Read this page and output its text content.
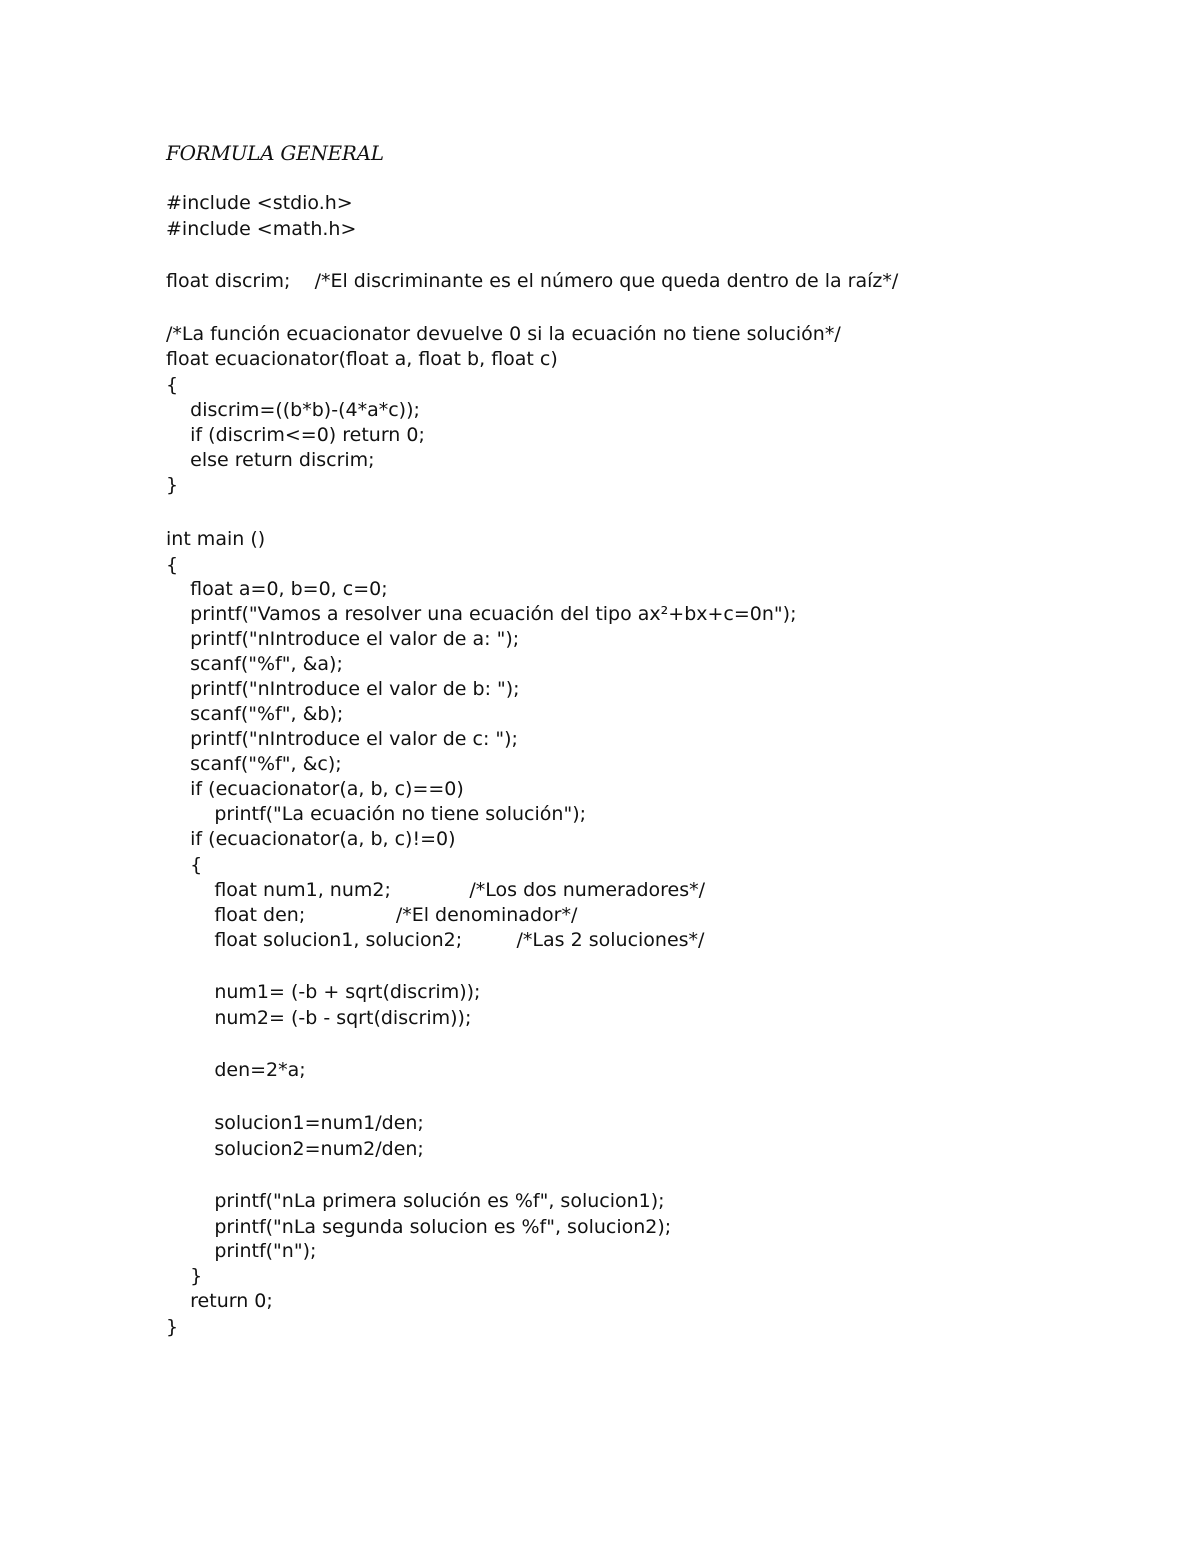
FORMULA GENERAL
#include <stdio.h>
#include <math.h>
float discrim;    /*El discriminante es el número que queda dentro de la raíz*/
/*La función ecuacionator devuelve 0 si la ecuación no tiene solución*/
float ecuacionator(float a, float b, float c)
{
discrim=((b*b)-(4*a*c));
if (discrim<=0) return 0;
else return discrim;
}
int main ()
{
float a=0, b=0, c=0;
printf("Vamos a resolver una ecuación del tipo ax²+bx+c=0n");
printf("nIntroduce el valor de a: ");
scanf("%f", &a);
printf("nIntroduce el valor de b: ");
scanf("%f", &b);
printf("nIntroduce el valor de c: ");
scanf("%f", &c);
if (ecuacionator(a, b, c)==0)
printf("La ecuación no tiene solución");
if (ecuacionator(a, b, c)!=0)
{
float num1, num2;             /*Los dos numeradores*/
float den;               /*El denominador*/
float solucion1, solucion2;         /*Las 2 soluciones*/
num1= (-b + sqrt(discrim));
num2= (-b - sqrt(discrim));
den=2*a;
solucion1=num1/den;
solucion2=num2/den;
printf("nLa primera solución es %f", solucion1);
printf("nLa segunda solucion es %f", solucion2);
printf("n");
}
return 0;
}
